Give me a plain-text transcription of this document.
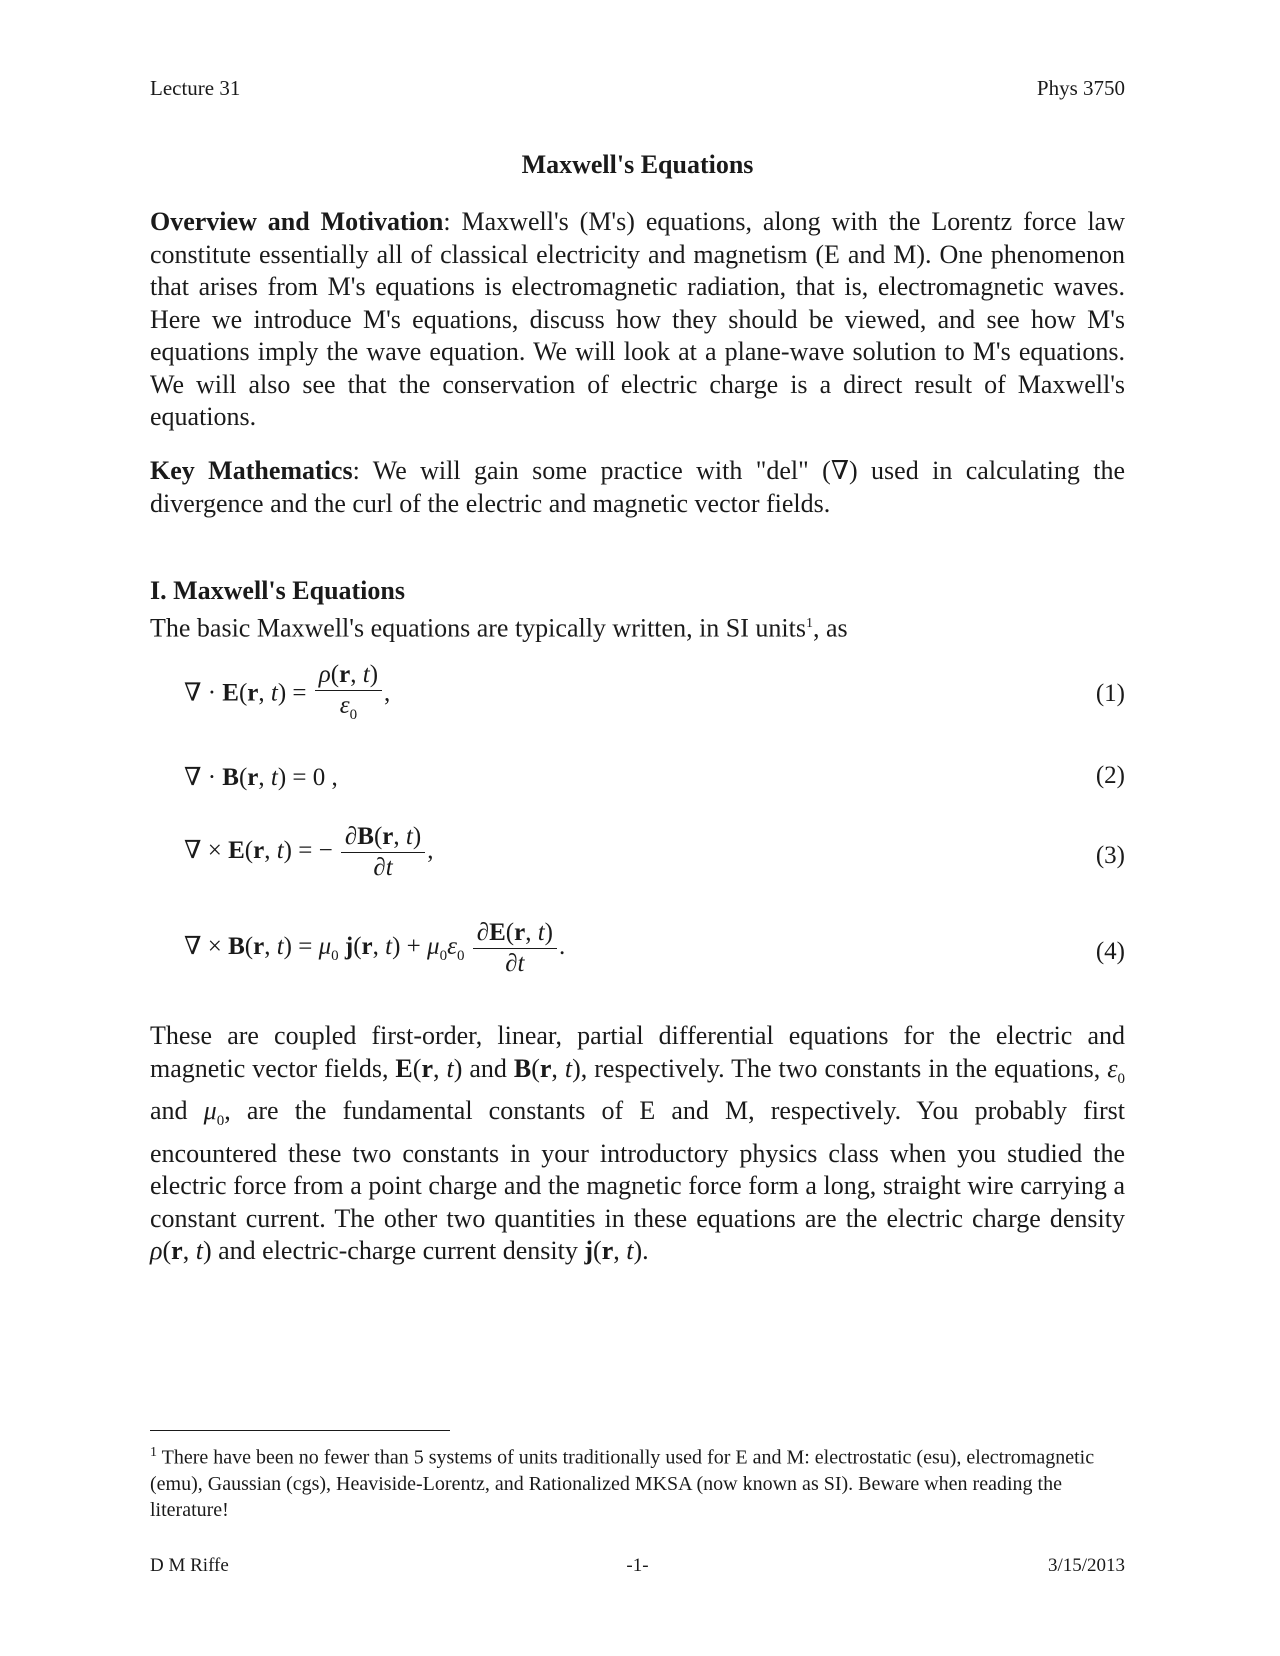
Lecture 31	Phys 3750
Maxwell's Equations
Overview and Motivation: Maxwell's (M's) equations, along with the Lorentz force law constitute essentially all of classical electricity and magnetism (E and M). One phenomenon that arises from M's equations is electromagnetic radiation, that is, electromagnetic waves. Here we introduce M's equations, discuss how they should be viewed, and see how M's equations imply the wave equation. We will look at a plane-wave solution to M's equations. We will also see that the conservation of electric charge is a direct result of Maxwell's equations.
Key Mathematics: We will gain some practice with "del" (∇) used in calculating the divergence and the curl of the electric and magnetic vector fields.
I. Maxwell's Equations
The basic Maxwell's equations are typically written, in SI units$^1$, as
∇ · E(r, $t) = \frac{\rho(r, t)}{\varepsilon_0}$ ,	(1)
∇ · B(r, t) = 0 ,	(2)
∇ × E(r, t) = − $\frac{\partial B(r, t)}{\partial t}$ ,	(3)
∇ × B(r, $t) = \mu_0$ j(r, $t) + \mu_0\varepsilon_0 \frac{\partial E(r, t)}{\partial t}$ .	(4)
These are coupled first-order, linear, partial differential equations for the electric and magnetic vector fields, E(r, t) and B(r, t), respectively. The two constants in the equations, $\varepsilon_0$ and $\mu_0$, are the fundamental constants of E and M, respectively. You probably first encountered these two constants in your introductory physics class when you studied the electric force from a point charge and the magnetic force form a long, straight wire carrying a constant current. The other two quantities in these equations are the electric charge density ρ(r, t) and electric-charge current density j(r, t).
$^1$ There have been no fewer than 5 systems of units traditionally used for E and M: electrostatic (esu), electromagnetic (emu), Gaussian (cgs), Heaviside-Lorentz, and Rationalized MKSA (now known as SI). Beware when reading the literature!
D M Riffe	-1-	3/15/2013
